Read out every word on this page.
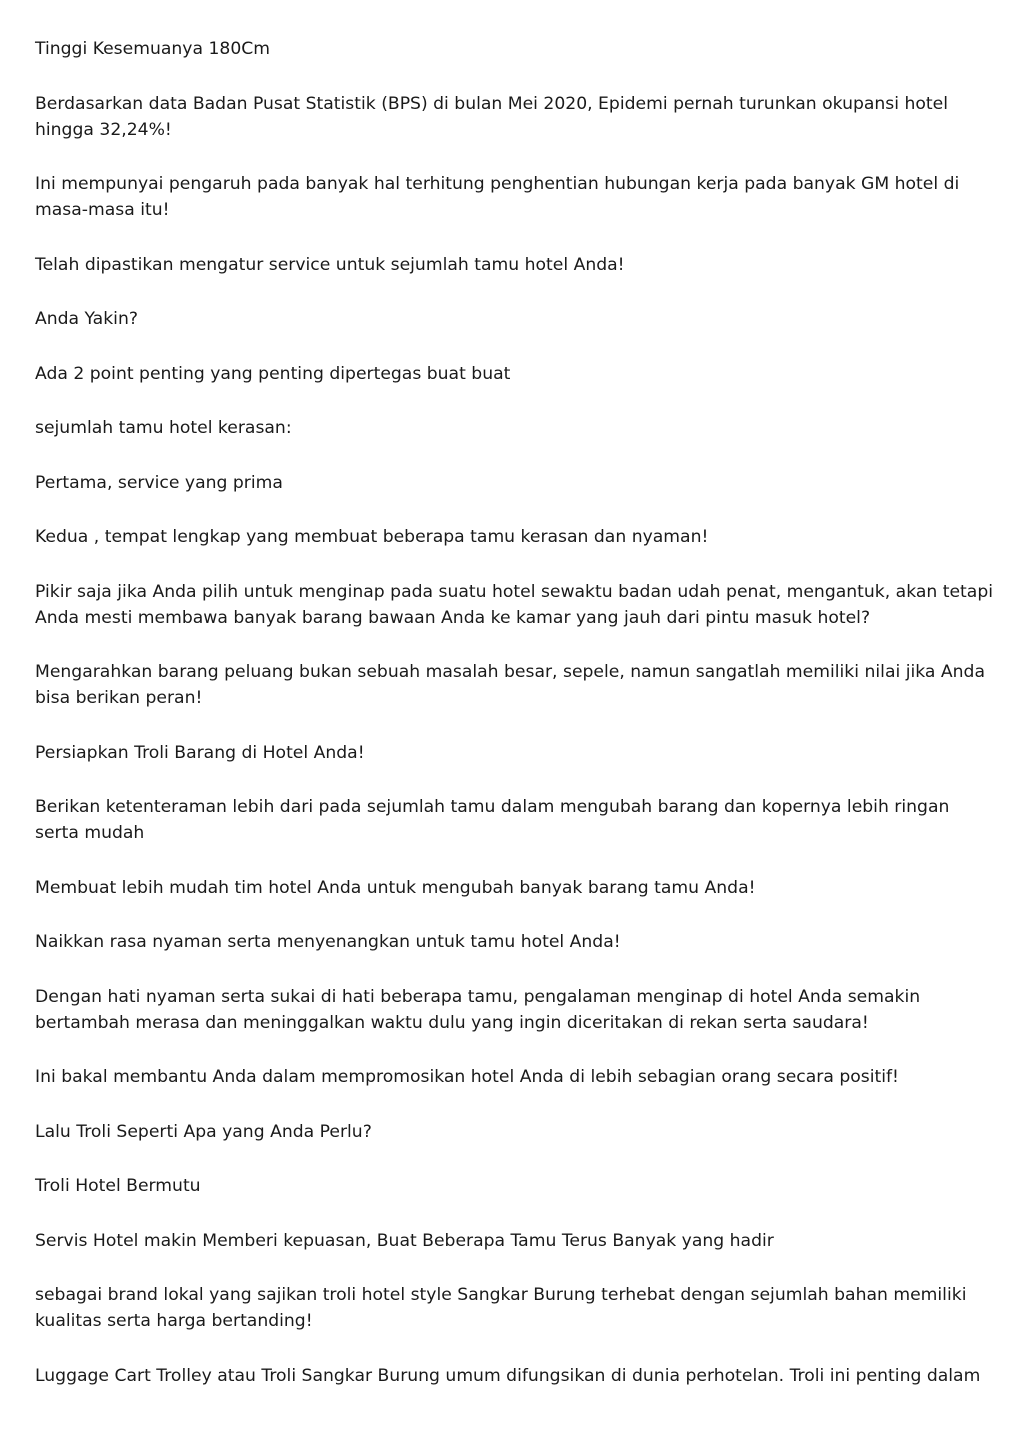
Tinggi Kesemuanya 180Cm

Berdasarkan data Badan Pusat Statistik (BPS) di bulan Mei 2020, Epidemi pernah turunkan okupansi hotel hingga 32,24%!

Ini mempunyai pengaruh pada banyak hal terhitung penghentian hubungan kerja pada banyak GM hotel di masa-masa itu!

Telah dipastikan mengatur service untuk sejumlah tamu hotel Anda!

Anda Yakin?

Ada 2 point penting yang penting dipertegas buat buat

sejumlah tamu hotel kerasan:

Pertama, service yang prima

Kedua , tempat lengkap yang membuat beberapa tamu kerasan dan nyaman!

Pikir saja jika Anda pilih untuk menginap pada suatu hotel sewaktu badan udah penat, mengantuk, akan tetapi Anda mesti membawa banyak barang bawaan Anda ke kamar yang jauh dari pintu masuk hotel?

Mengarahkan barang peluang bukan sebuah masalah besar, sepele, namun sangatlah memiliki nilai jika Anda bisa berikan peran!

Persiapkan Troli Barang di Hotel Anda!

Berikan ketenteraman lebih dari pada sejumlah tamu dalam mengubah barang dan kopernya lebih ringan serta mudah

Membuat lebih mudah tim hotel Anda untuk mengubah banyak barang tamu Anda!

Naikkan rasa nyaman serta menyenangkan untuk tamu hotel Anda!

Dengan hati nyaman serta sukai di hati beberapa tamu, pengalaman menginap di hotel Anda semakin bertambah merasa dan meninggalkan waktu dulu yang ingin diceritakan di rekan serta saudara!

Ini bakal membantu Anda dalam mempromosikan hotel Anda di lebih sebagian orang secara positif!

Lalu Troli Seperti Apa yang Anda Perlu?

Troli Hotel Bermutu

Servis Hotel makin Memberi kepuasan, Buat Beberapa Tamu Terus Banyak yang hadir

sebagai brand lokal yang sajikan troli hotel style Sangkar Burung terhebat dengan sejumlah bahan memiliki kualitas serta harga bertanding!

Luggage Cart Trolley atau Troli Sangkar Burung umum difungsikan di dunia perhotelan. Troli ini penting dalam
